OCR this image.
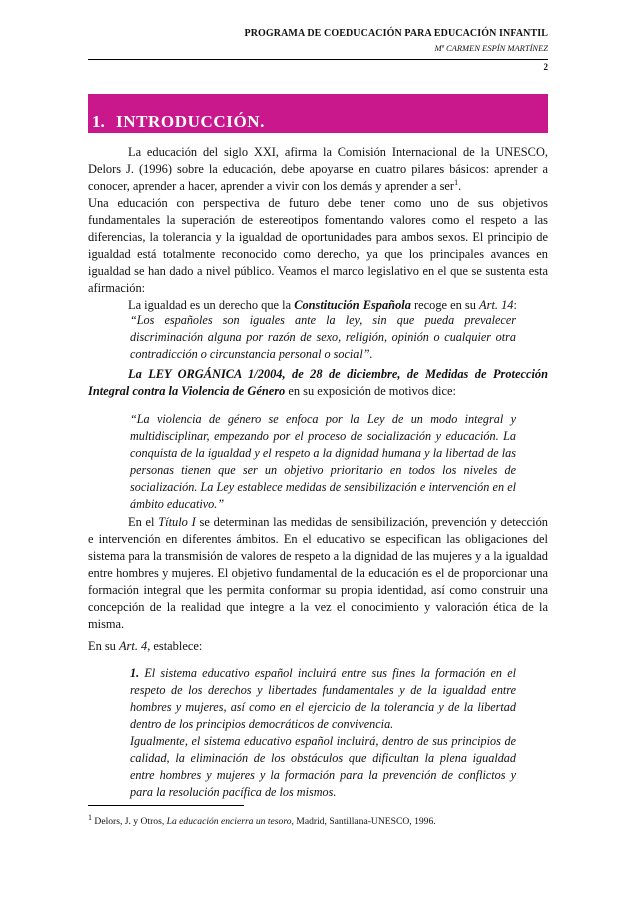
PROGRAMA DE COEDUCACIÓN PARA EDUCACIÓN INFANTIL
Mª CARMEN ESPÍN MARTÍNEZ
2
1. INTRODUCCIÓN.

La educación del siglo XXI, afirma la Comisión Internacional de la UNESCO, Delors J. (1996) sobre la educación, debe apoyarse en cuatro pilares básicos: aprender a conocer, aprender a hacer, aprender a vivir con los demás y aprender a ser$^1$.

Una educación con perspectiva de futuro debe tener como uno de sus objetivos fundamentales la superación de estereotipos fomentando valores como el respeto a las diferencias, la tolerancia y la igualdad de oportunidades para ambos sexos. El principio de igualdad está totalmente reconocido como derecho, ya que los principales avances en igualdad se han dado a nivel público. Veamos el marco legislativo en el que se sustenta esta afirmación:

La igualdad es un derecho que la Constitución Española recoge en su Art. 14:

“Los españoles son iguales ante la ley, sin que pueda prevalecer discriminación alguna por razón de sexo, religión, opinión o cualquier otra contradicción o circunstancia personal o social”.

La LEY ORGÁNICA 1/2004, de 28 de diciembre, de Medidas de Protección Integral contra la Violencia de Género en su exposición de motivos dice:

“La violencia de género se enfoca por la Ley de un modo integral y multidisciplinar, empezando por el proceso de socialización y educación. La conquista de la igualdad y el respeto a la dignidad humana y la libertad de las personas tienen que ser un objetivo prioritario en todos los niveles de socialización. La Ley establece medidas de sensibilización e intervención en el ámbito educativo.”

En el Título I se determinan las medidas de sensibilización, prevención y detección e intervención en diferentes ámbitos. En el educativo se especifican las obligaciones del sistema para la transmisión de valores de respeto a la dignidad de las mujeres y a la igualdad entre hombres y mujeres. El objetivo fundamental de la educación es el de proporcionar una formación integral que les permita conformar su propia identidad, así como construir una concepción de la realidad que integre a la vez el conocimiento y valoración ética de la misma.

En su Art. 4, establece:

1. El sistema educativo español incluirá entre sus fines la formación en el respeto de los derechos y libertades fundamentales y de la igualdad entre hombres y mujeres, así como en el ejercicio de la tolerancia y de la libertad dentro de los principios democráticos de convivencia.

Igualmente, el sistema educativo español incluirá, dentro de sus principios de calidad, la eliminación de los obstáculos que dificultan la plena igualdad entre hombres y mujeres y la formación para la prevención de conflictos y para la resolución pacífica de los mismos.

$^1$ Delors, J. y Otros, La educación encierra un tesoro, Madrid, Santillana-UNESCO, 1996.
